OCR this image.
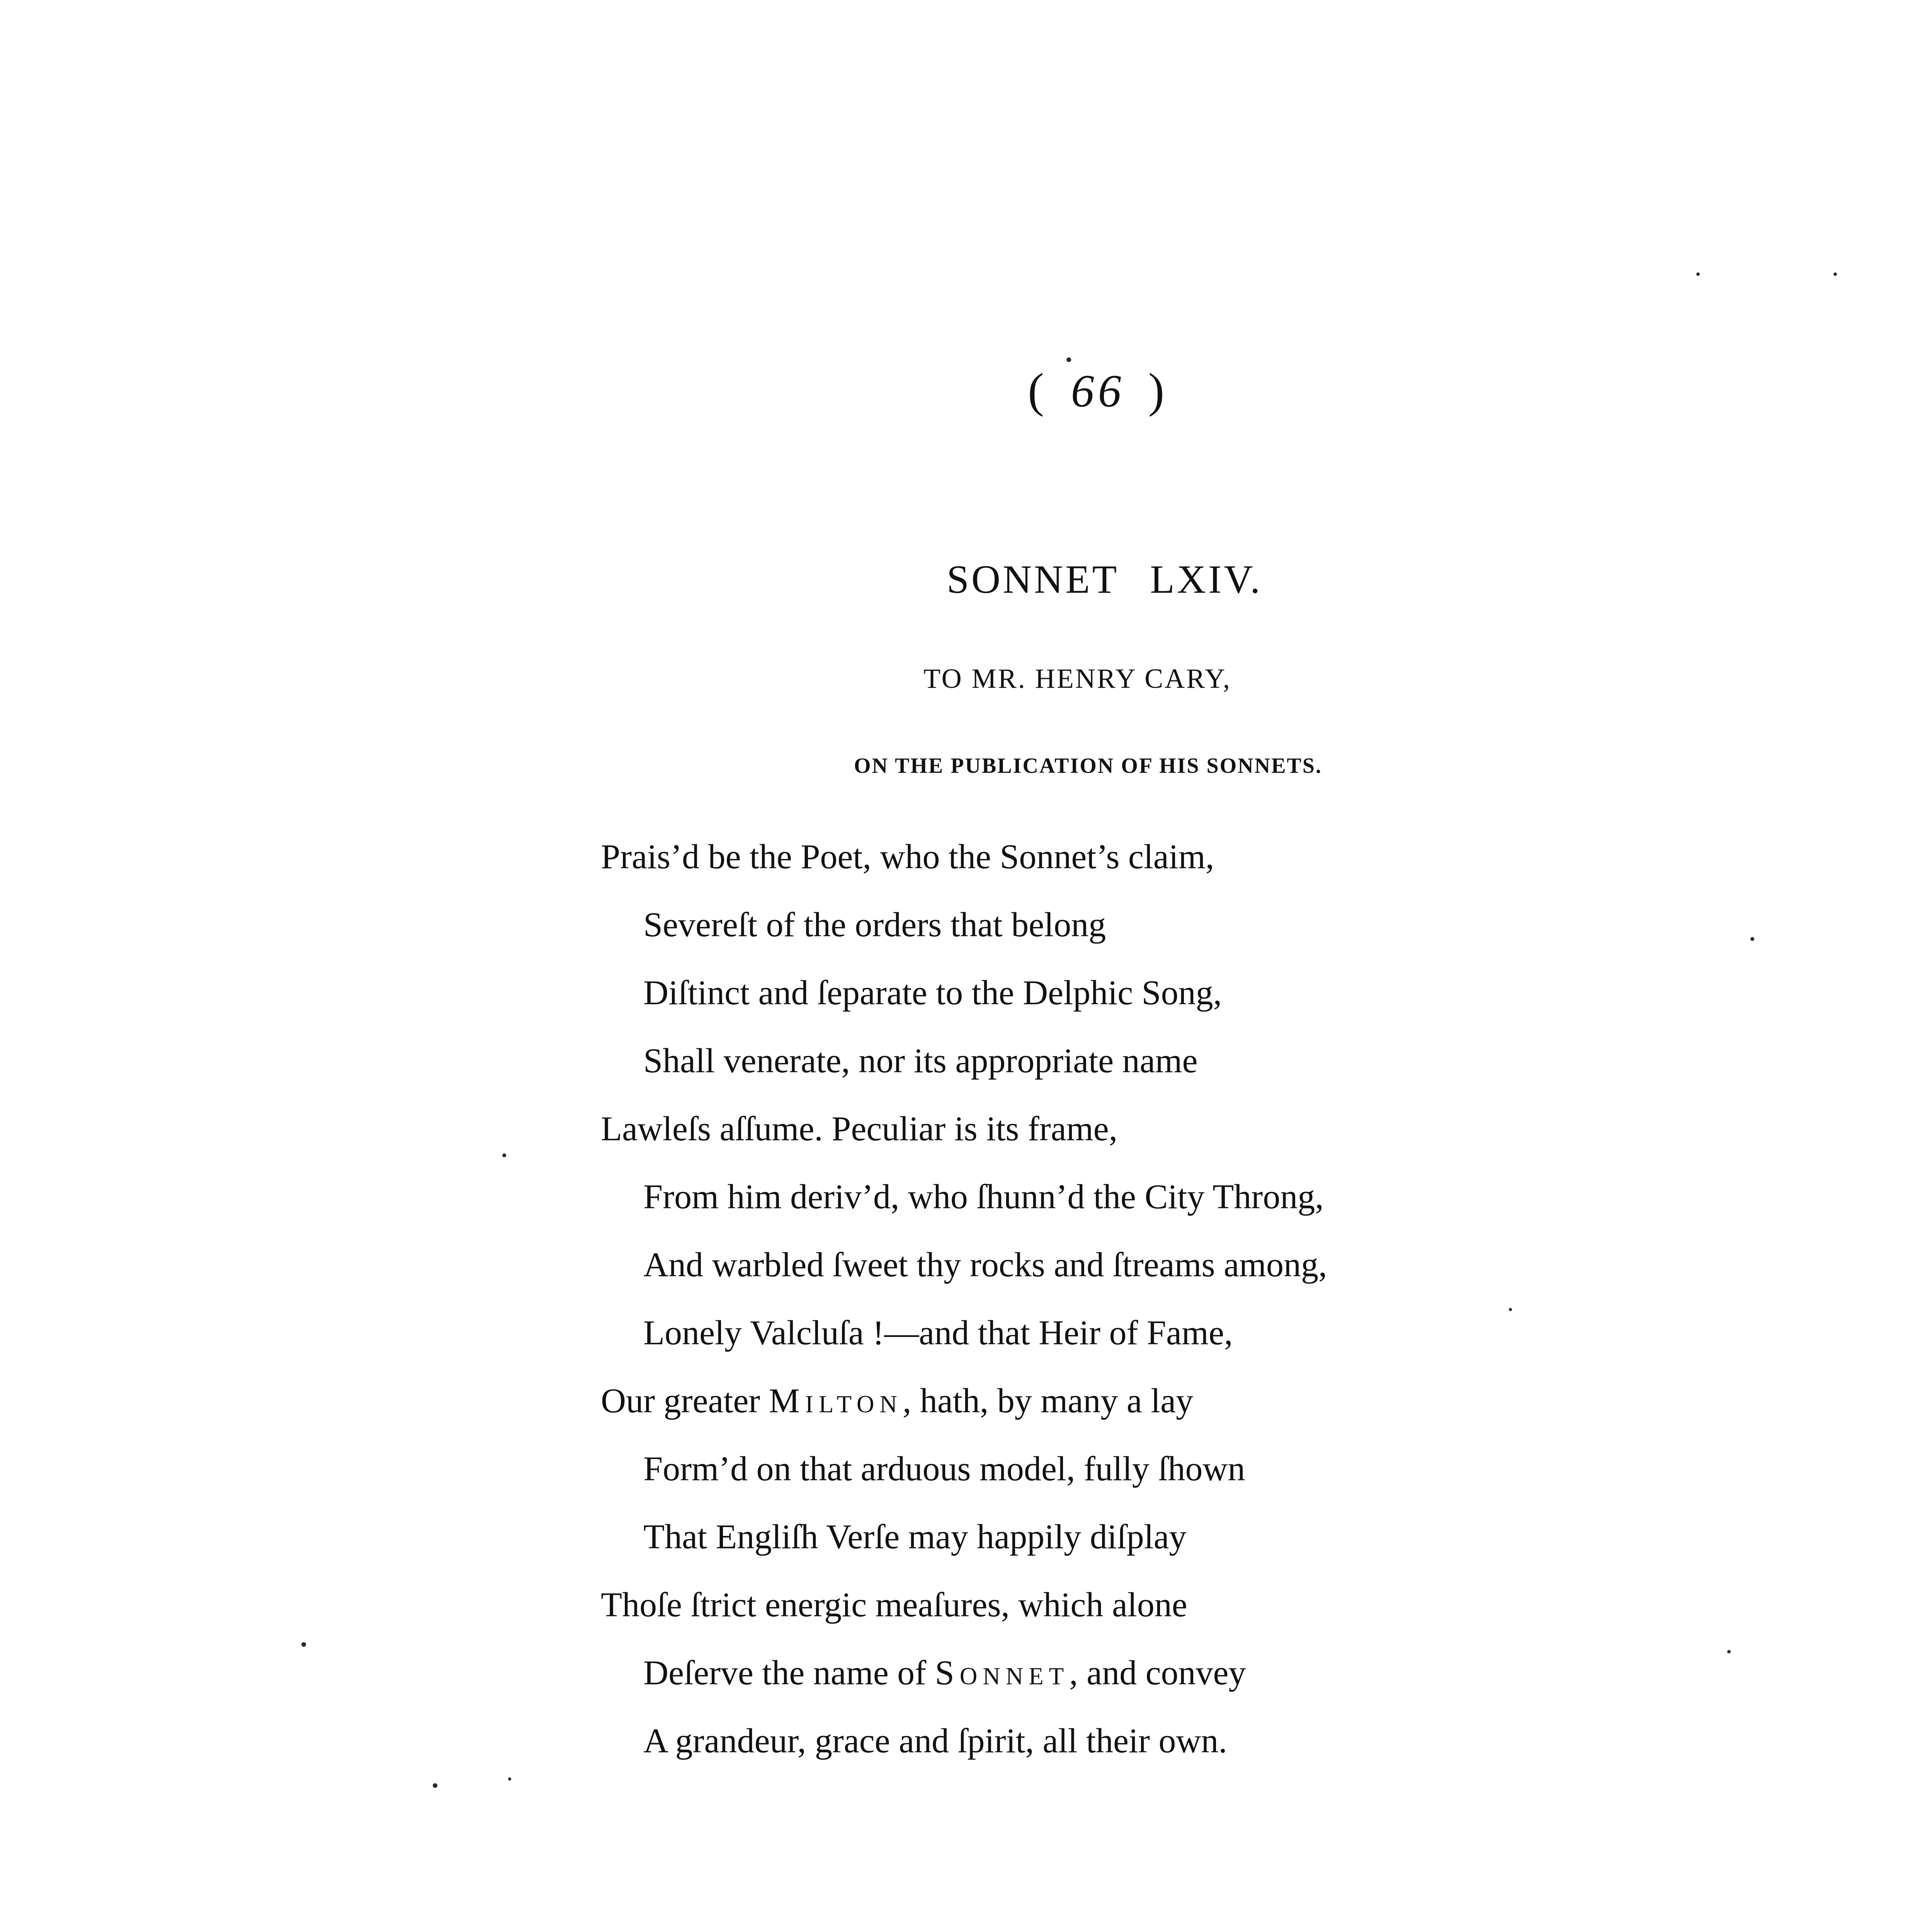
( 66 )
SONNET LXIV.
TO MR. HENRY CARY,
ON THE PUBLICATION OF HIS SONNETS.
Prais’d be the Poet, who the Sonnet’s claim,
Severeſt of the orders that belong
Diſtinct and ſeparate to the Delphic Song,
Shall venerate, nor its appropriate name
Lawleſs aſſume. Peculiar is its frame,
From him deriv’d, who ſhunn’d the City Throng,
And warbled ſweet thy rocks and ſtreams among,
Lonely Valcluſa !—and that Heir of Fame,
Our greater Milton, hath, by many a lay
Form’d on that arduous model, fully ſhown
That Engliſh Verſe may happily diſplay
Thoſe ſtrict energic meaſures, which alone
Deſerve the name of Sonnet, and convey
A grandeur, grace and ſpirit, all their own.
